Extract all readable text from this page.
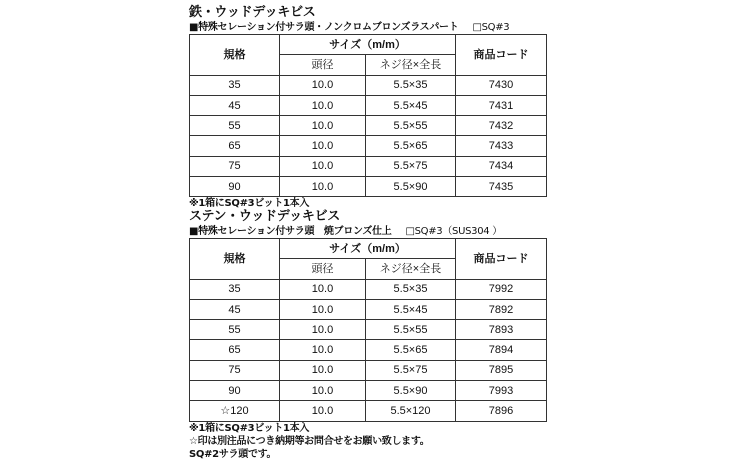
鉄・ウッドデッキビス
■特殊セレーション付サラ頭・ノンクロムブロンズラスパート □SQ#3
規格	サイズ（m/m）		商品コード
	頭径	ネジ径×全長	
35	10.0	5.5×35	7430
45	10.0	5.5×45	7431
55	10.0	5.5×55	7432
65	10.0	5.5×65	7433
75	10.0	5.5×75	7434
90	10.0	5.5×90	7435
※1箱にSQ#3ビット1本入
ステン・ウッドデッキビス
■特殊セレーション付サラ頭　焼ブロンズ仕上 □SQ#3（SUS304 ）
規格	サイズ（m/m）		商品コード
	頭径	ネジ径×全長	
35	10.0	5.5×35	7992
45	10.0	5.5×45	7892
55	10.0	5.5×55	7893
65	10.0	5.5×65	7894
75	10.0	5.5×75	7895
90	10.0	5.5×90	7993
☆120	10.0	5.5×120	7896
※1箱にSQ#3ビット1本入
☆印は別注品につき納期等お問合せをお願い致します。
SQ#2サラ頭です。
